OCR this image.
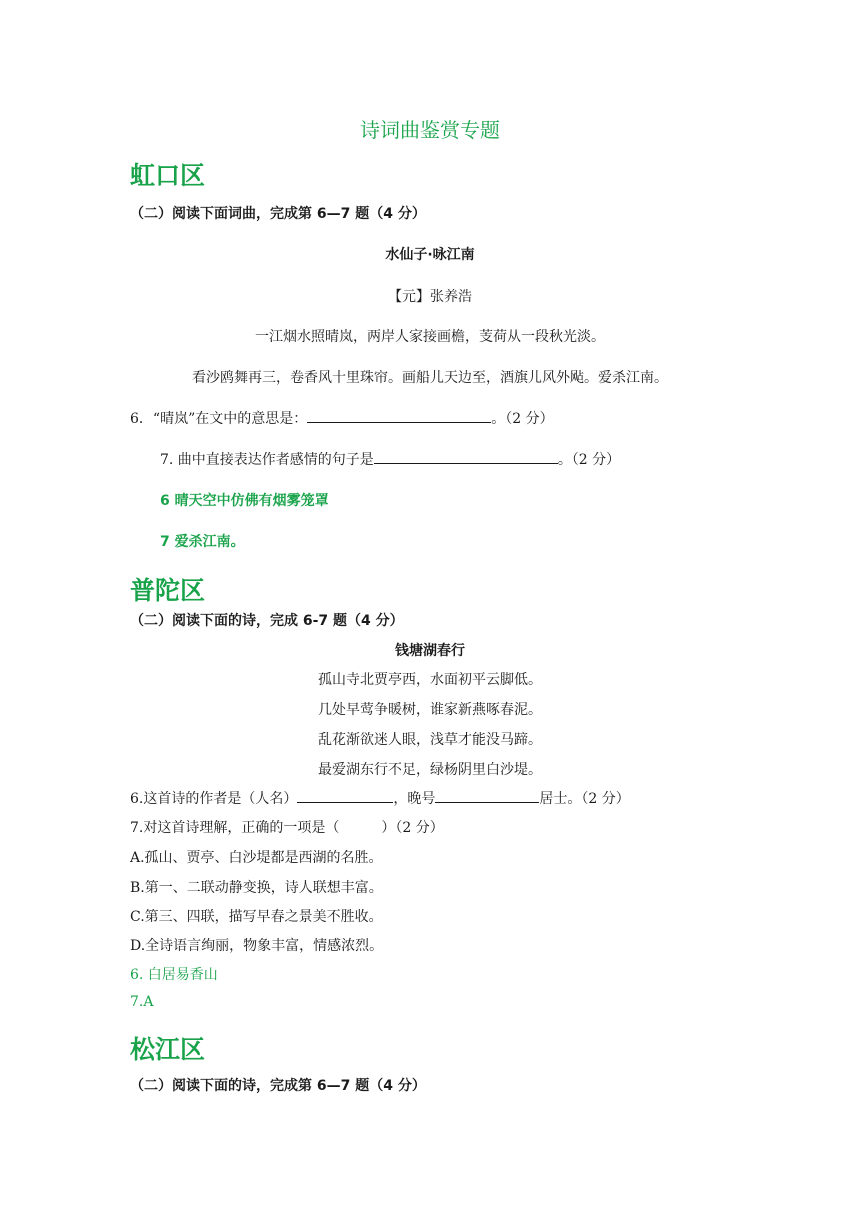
诗词曲鉴赏专题
虹口区
（二）阅读下面词曲，完成第 6—7 题（4 分）
水仙子·咏江南
【元】张养浩
一江烟水照晴岚，两岸人家接画檐，芰荷从一段秋光淡。
看沙鸥舞再三，卷香风十里珠帘。画船儿天边至，酒旗儿风外飐。爱杀江南。
6．“晴岚”在文中的意思是：	。（2 分）
7. 曲中直接表达作者感情的句子是	。（2 分）
6 晴天空中仿佛有烟雾笼罩
7 爱杀江南。
普陀区
（二）阅读下面的诗，完成 6-7 题（4 分）
钱塘湖春行
孤山寺北贾亭西，水面初平云脚低。
几处早莺争暖树，谁家新燕啄春泥。
乱花渐欲迷人眼，浅草才能没马蹄。
最爱湖东行不足，绿杨阴里白沙堤。
6.这首诗的作者是（人名）	，晚号	居士。（2 分）
7.对这首诗理解，正确的一项是（　　　）（2 分）
A.孤山、贾亭、白沙堤都是西湖的名胜。
B.第一、二联动静变换，诗人联想丰富。
C.第三、四联，描写早春之景美不胜收。
D.全诗语言绚丽，物象丰富，情感浓烈。
6. 白居易香山
7.A
松江区
（二）阅读下面的诗，完成第 6—7 题（4 分）
